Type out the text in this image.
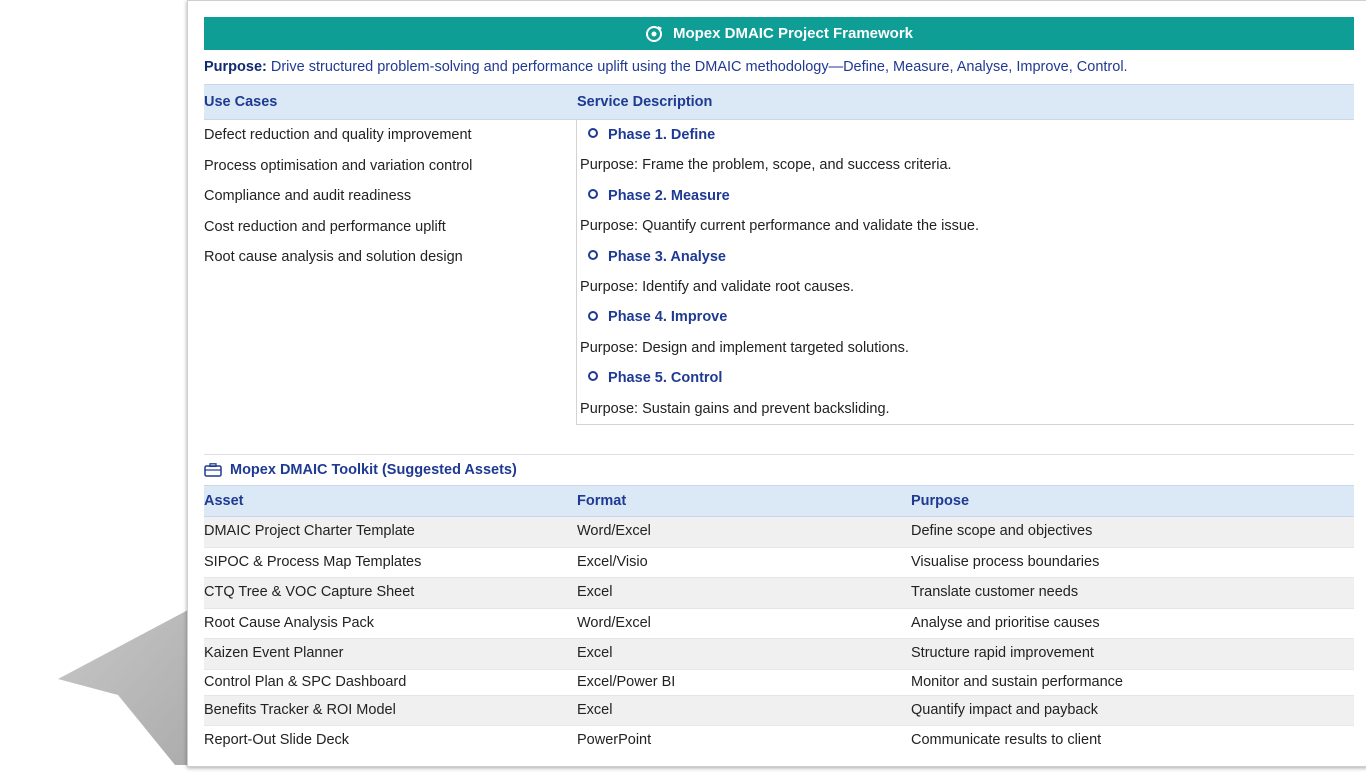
Mopex DMAIC Project Framework
Purpose: Drive structured problem-solving and performance uplift using the DMAIC methodology—Define, Measure, Analyse, Improve, Control.
Use Cases	Service Description
Defect reduction and quality improvement
Process optimisation and variation control
Compliance and audit readiness
Cost reduction and performance uplift
Root cause analysis and solution design
Phase 1. Define
Purpose: Frame the problem, scope, and success criteria.
Phase 2. Measure
Purpose: Quantify current performance and validate the issue.
Phase 3. Analyse
Purpose: Identify and validate root causes.
Phase 4. Improve
Purpose: Design and implement targeted solutions.
Phase 5. Control
Purpose: Sustain gains and prevent backsliding.
Mopex DMAIC Toolkit (Suggested Assets)
Asset	Format	Purpose
DMAIC Project Charter Template	Word/Excel	Define scope and objectives
SIPOC & Process Map Templates	Excel/Visio	Visualise process boundaries
CTQ Tree & VOC Capture Sheet	Excel	Translate customer needs
Root Cause Analysis Pack	Word/Excel	Analyse and prioritise causes
Kaizen Event Planner	Excel	Structure rapid improvement
Control Plan & SPC Dashboard	Excel/Power BI	Monitor and sustain performance
Benefits Tracker & ROI Model	Excel	Quantify impact and payback
Report-Out Slide Deck	PowerPoint	Communicate results to client
